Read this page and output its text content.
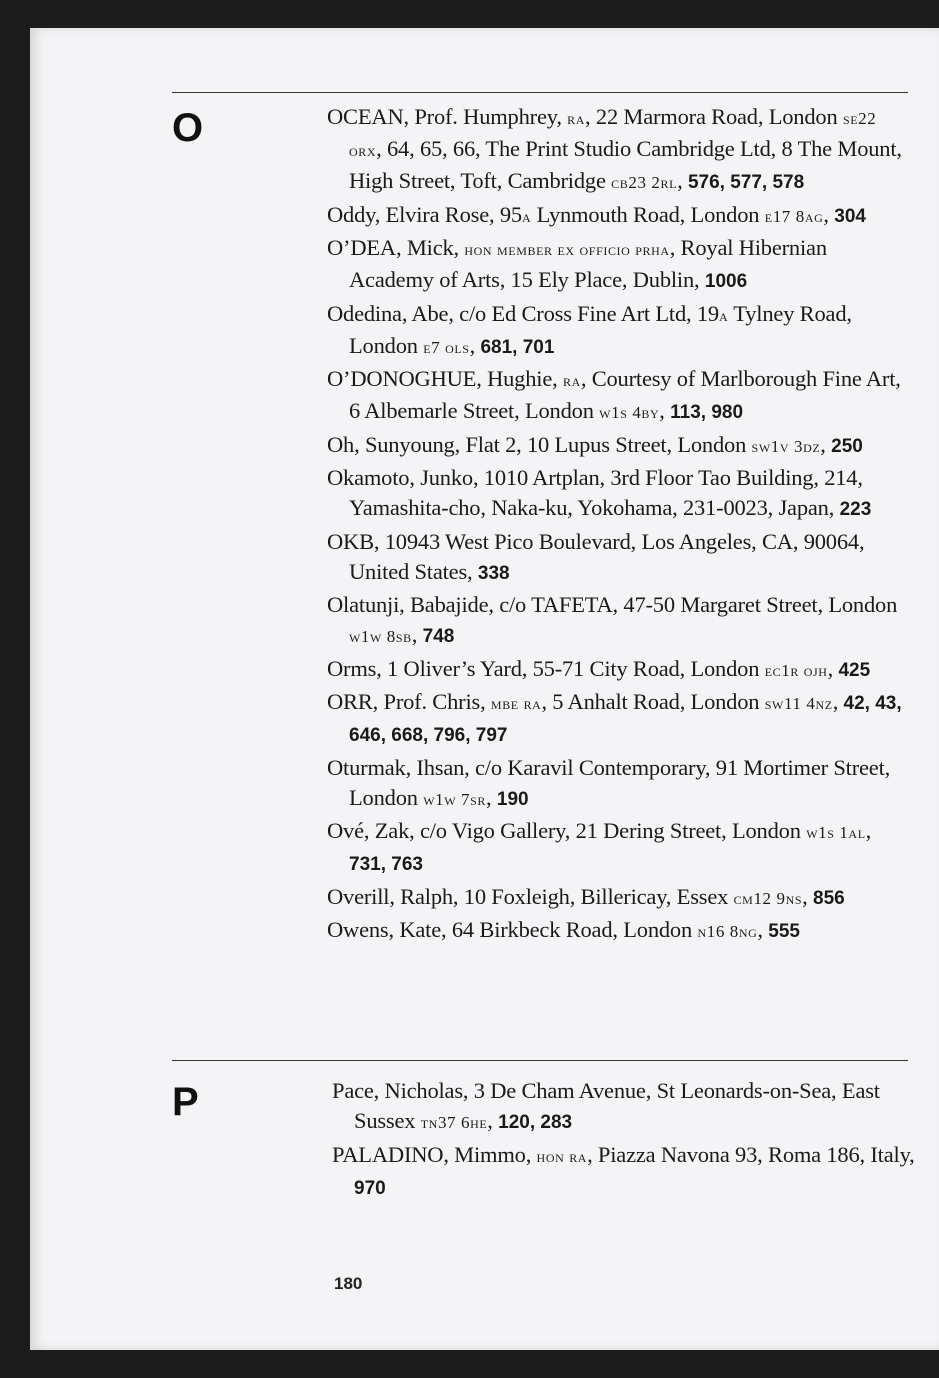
O	OCEAN, Prof. Humphrey, ra, 22 Marmora Road, London se22 orx, 64, 65, 66, The Print Studio Cambridge Ltd, 8 The Mount, High Street, Toft, Cambridge cb23 2rl, 576, 577, 578

Oddy, Elvira Rose, 95a Lynmouth Road, London e17 8ag, 304

O’DEA, Mick, hon member ex officio prha, Royal Hibernian Academy of Arts, 15 Ely Place, Dublin, 1006

Odedina, Abe, c/o Ed Cross Fine Art Ltd, 19a Tylney Road, London e7 ols, 681, 701

O’DONOGHUE, Hughie, ra, Courtesy of Marlborough Fine Art, 6 Albemarle Street, London w1s 4by, 113, 980

Oh, Sunyoung, Flat 2, 10 Lupus Street, London sw1v 3dz, 250

Okamoto, Junko, 1010 Artplan, 3rd Floor Tao Building, 214, Yamashita-cho, Naka-ku, Yokohama, 231-0023, Japan, 223

OKB, 10943 West Pico Boulevard, Los Angeles, CA, 90064, United States, 338

Olatunji, Babajide, c/o TAFETA, 47-50 Margaret Street, London w1w 8sb, 748

Orms, 1 Oliver’s Yard, 55-71 City Road, London ec1r ojh, 425

ORR, Prof. Chris, mbe ra, 5 Anhalt Road, London sw11 4nz, 42, 43, 646, 668, 796, 797

Oturmak, Ihsan, c/o Karavil Contemporary, 91 Mortimer Street, London w1w 7sr, 190

Ové, Zak, c/o Vigo Gallery, 21 Dering Street, London w1s 1al, 731, 763

Overill, Ralph, 10 Foxleigh, Billericay, Essex cm12 9ns, 856

Owens, Kate, 64 Birkbeck Road, London n16 8ng, 555

P	Pace, Nicholas, 3 De Cham Avenue, St Leonards-on-Sea, East Sussex tn37 6he, 120, 283

PALADINO, Mimmo, hon ra, Piazza Navona 93, Roma 186, Italy, 970

180
